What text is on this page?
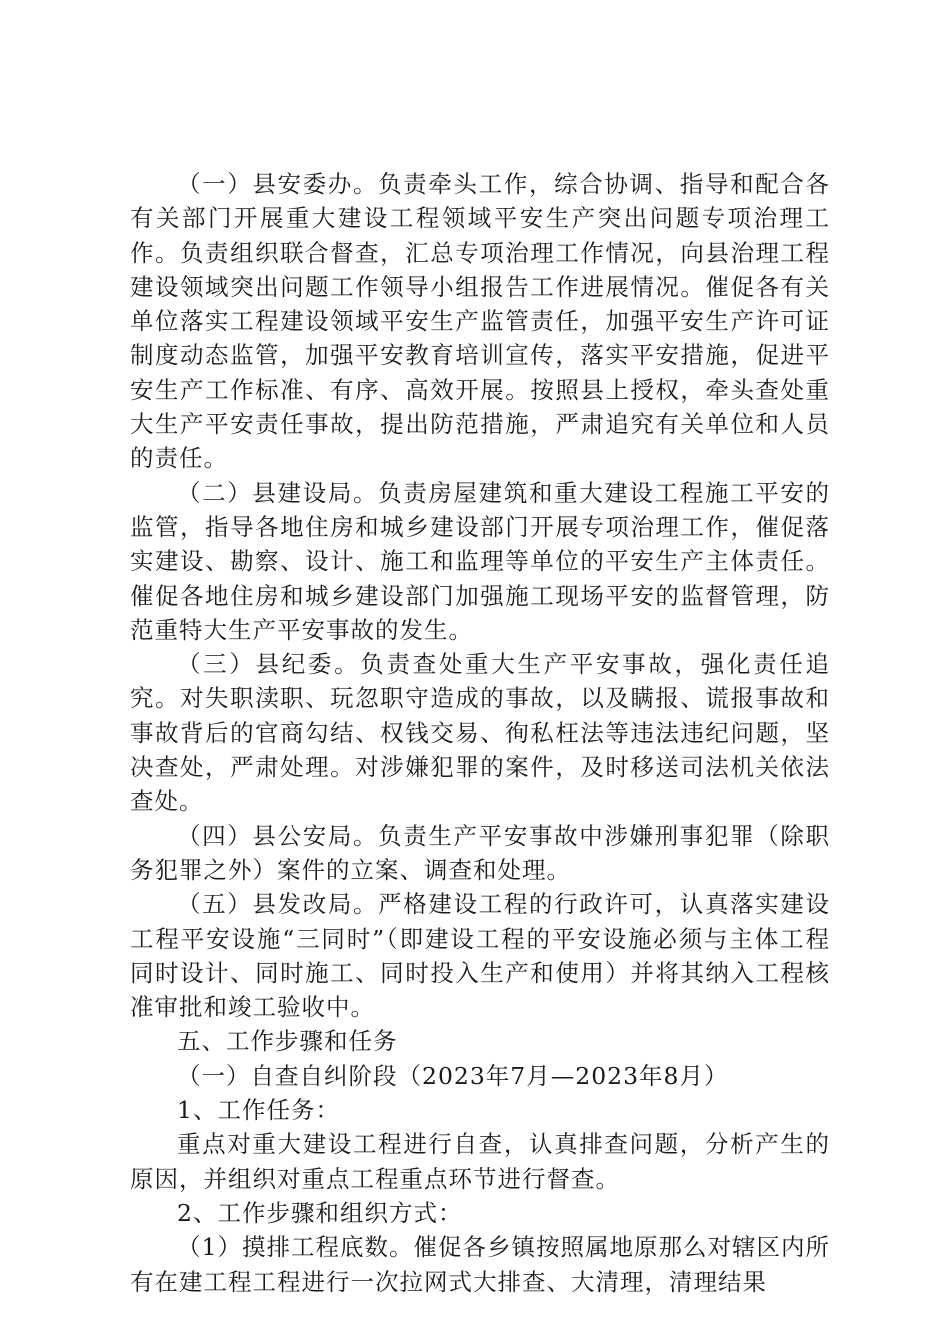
（一）县安委办。负责牵头工作，综合协调、指导和配合各有关部门开展重大建设工程领域平安生产突出问题专项治理工作。负责组织联合督查，汇总专项治理工作情况，向县治理工程建设领域突出问题工作领导小组报告工作进展情况。催促各有关单位落实工程建设领域平安生产监管责任，加强平安生产许可证制度动态监管，加强平安教育培训宣传，落实平安措施，促进平安生产工作标准、有序、高效开展。按照县上授权，牵头查处重大生产平安责任事故，提出防范措施，严肃追究有关单位和人员的责任。

（二）县建设局。负责房屋建筑和重大建设工程施工平安的监管，指导各地住房和城乡建设部门开展专项治理工作，催促落实建设、勘察、设计、施工和监理等单位的平安生产主体责任。催促各地住房和城乡建设部门加强施工现场平安的监督管理，防范重特大生产平安事故的发生。

（三）县纪委。负责查处重大生产平安事故，强化责任追究。对失职渎职、玩忽职守造成的事故，以及瞒报、谎报事故和事故背后的官商勾结、权钱交易、徇私枉法等违法违纪问题，坚决查处，严肃处理。对涉嫌犯罪的案件，及时移送司法机关依法查处。

（四）县公安局。负责生产平安事故中涉嫌刑事犯罪（除职务犯罪之外）案件的立案、调查和处理。

（五）县发改局。严格建设工程的行政许可，认真落实建设工程平安设施“三同时”（即建设工程的平安设施必须与主体工程同时设计、同时施工、同时投入生产和使用）并将其纳入工程核准审批和竣工验收中。

五、工作步骤和任务

（一）自查自纠阶段（2023年7月—2023年8月）

1、工作任务：

重点对重大建设工程进行自查，认真排查问题，分析产生的原因，并组织对重点工程重点环节进行督查。

2、工作步骤和组织方式：

（1）摸排工程底数。催促各乡镇按照属地原那么对辖区内所有在建工程工程进行一次拉网式大排查、大清理，清理结果
